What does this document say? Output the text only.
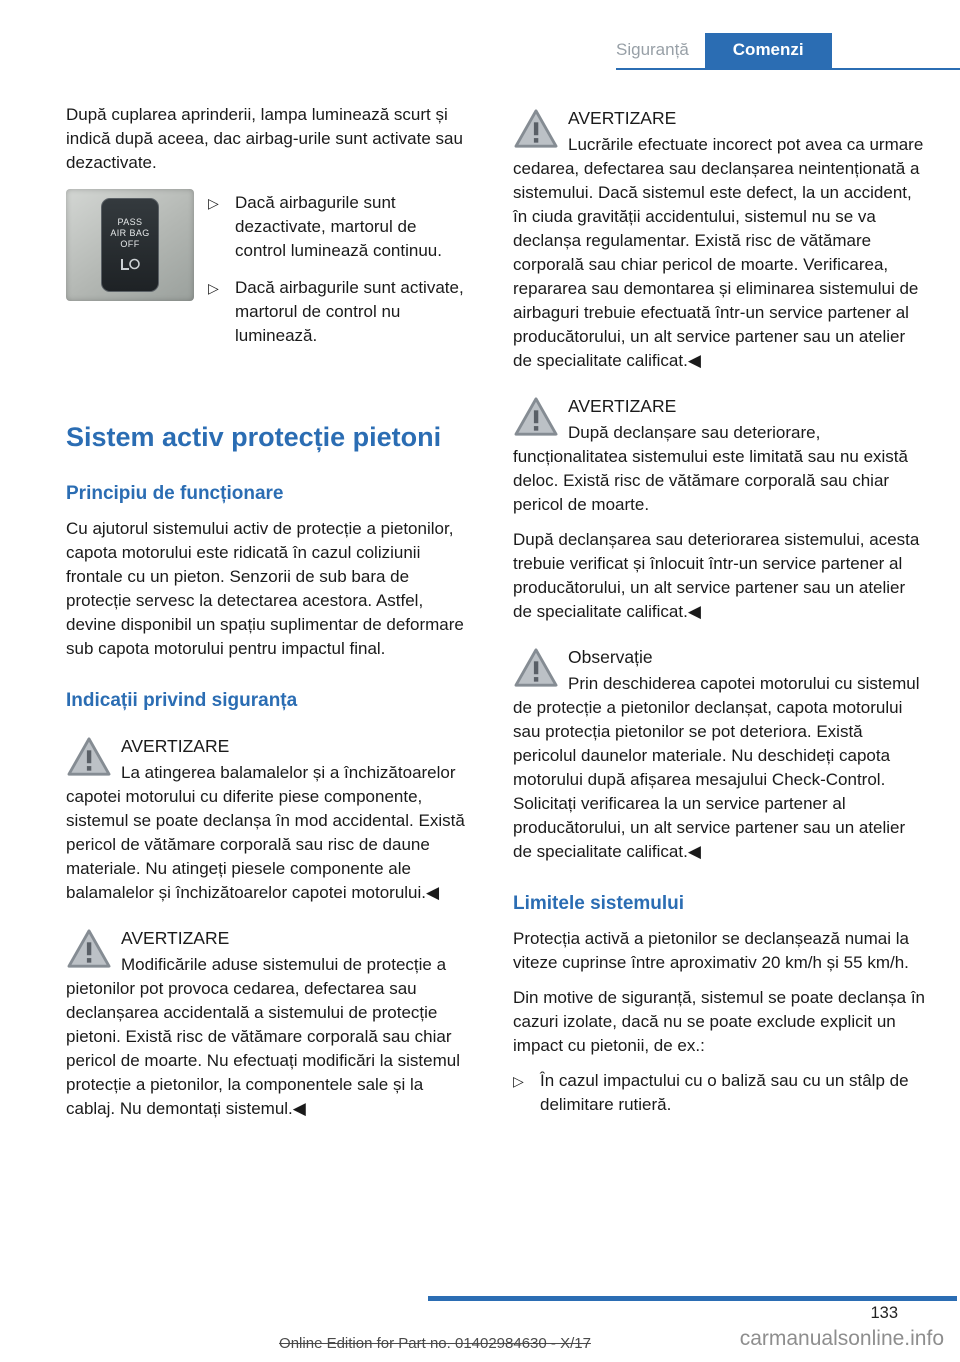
Siguranță	Comenzi

După cuplarea aprinderii, lampa luminează scurt și indică după aceea, dac airbag-urile sunt activate sau dezactivate.

PASS
AIR BAG
OFF
▷
Dacă airbagurile sunt dezactivate, martorul de control luminează continuu.
▷
Dacă airbagurile sunt activate, martorul de control nu luminează.
Sistem activ protecție pietoni
Principiu de funcționare

Cu ajutorul sistemului activ de protecție a pietonilor, capota motorului este ridicată în cazul coliziunii frontale cu un pieton. Senzorii de sub bara de protecție servesc la detectarea acestora. Astfel, devine disponibil un spațiu suplimentar de deformare sub capota motorului pentru impactul final.

Indicații privind siguranța
AVERTIZARE

La atingerea balamalelor și a închizătoarelor capotei motorului cu diferite piese componente, sistemul se poate declanșa în mod accidental. Există pericol de vătămare corporală sau risc de daune materiale. Nu atingeți piesele componente ale balamalelor și închizătoarelor capotei motorului.◀

AVERTIZARE

Modificările aduse sistemului de protecție a pietonilor pot provoca cedarea, defectarea sau declanșarea accidentală a sistemului de protecție pietoni. Există risc de vătămare corporală sau chiar pericol de moarte. Nu efectuați modificări la sistemul protecție a pietonilor, la componentele sale și la cablaj. Nu demontați sistemul.◀

AVERTIZARE

Lucrările efectuate incorect pot avea ca urmare cedarea, defectarea sau declanșarea neintenționată a sistemului. Dacă sistemul este defect, la un accident, în ciuda gravității accidentului, sistemul nu se va declanșa regulamentar. Există risc de vătămare corporală sau chiar pericol de moarte. Verificarea, repararea sau demontarea și eliminarea sistemului de airbaguri trebuie efectuată într-un service partener al producătorului, un alt service partener sau un atelier de specialitate calificat.◀

AVERTIZARE

După declanșare sau deteriorare, funcționalitatea sistemului este limitată sau nu există deloc. Există risc de vătămare corporală sau chiar pericol de moarte.

După declanșarea sau deteriorarea sistemului, acesta trebuie verificat și înlocuit într-un service partener al producătorului, un alt service partener sau un atelier de specialitate calificat.◀

Observație

Prin deschiderea capotei motorului cu sistemul de protecție a pietonilor declanșat, capota motorului sau protecția pietonilor se pot deteriora. Există pericolul daunelor materiale. Nu deschideți capota motorului după afișarea mesajului Check-Control. Solicitați verificarea la un service partener al producătorului, un alt service partener sau un atelier de specialitate calificat.◀

Limitele sistemului

Protecția activă a pietonilor se declanșează numai la viteze cuprinse între aproximativ 20 km/h și 55 km/h.

Din motive de siguranță, sistemul se poate declanșa în cazuri izolate, dacă nu se poate exclude explicit un impact cu pietonii, de ex.:

▷
În cazul impactului cu o baliză sau cu un stâlp de delimitare rutieră.
133
Online Edition for Part no. 01402984630 - X/17	carmanualsonline.info
